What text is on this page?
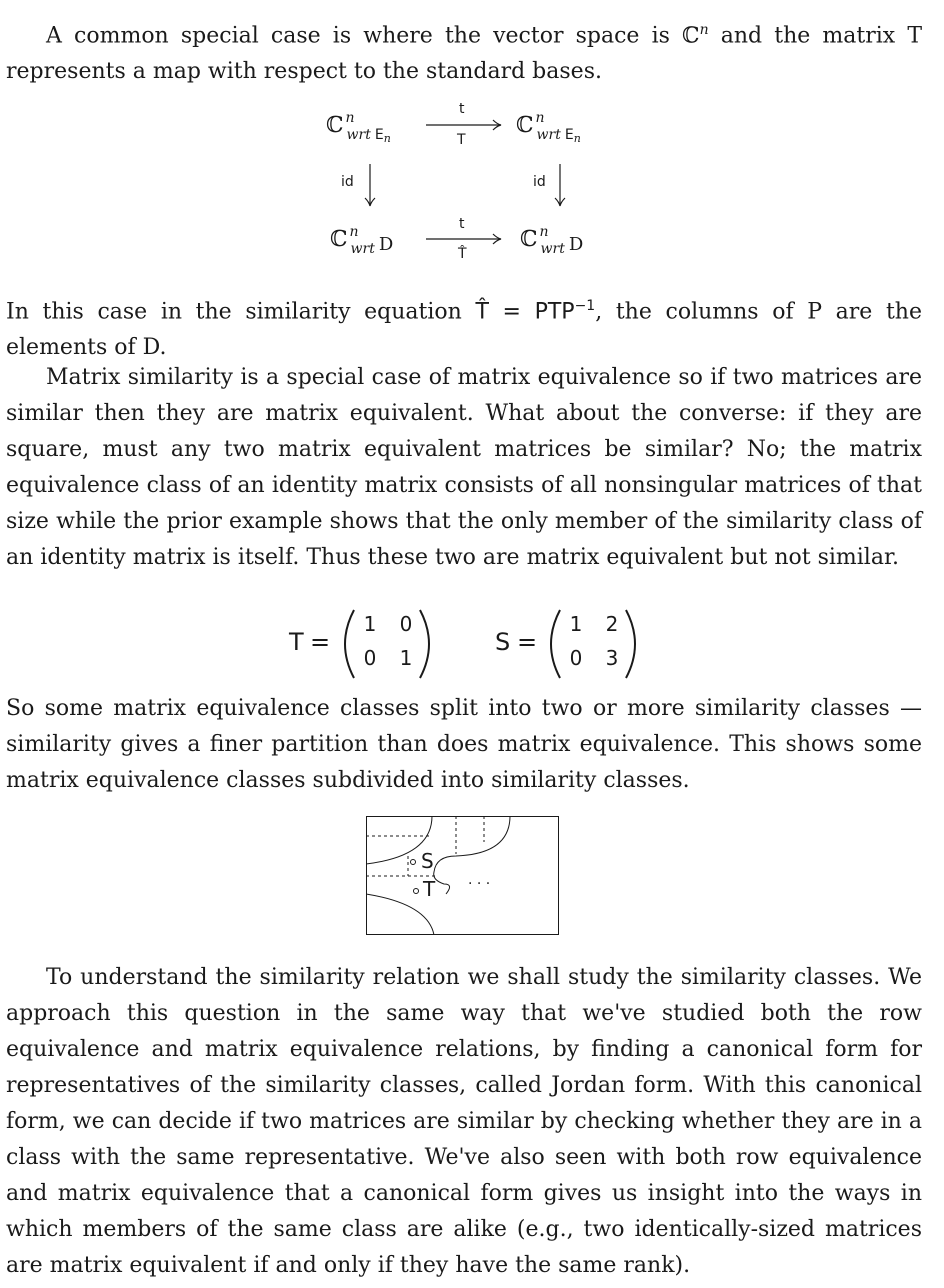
A common special case is where the vector space is ℂ$^n$ and the matrix T represents a map with respect to the standard bases.

ℂ $^n_{wrt}$ $_{En}$
ℂ $^n_{wrt}$ $_{En}$
ℂ $^n_{wrt}$ D	ℂ $^n_{wrt}$ D
t
T
t
T̂
id	id

In this case in the similarity equation T̂ = $PTP^{-1}$, the columns of P are the elements of D.

Matrix similarity is a special case of matrix equivalence so if two matrices are similar then they are matrix equivalent. What about the converse: if they are square, must any two matrix equivalent matrices be similar? No; the matrix equivalence class of an identity matrix consists of all nonsingular matrices of that size while the prior example shows that the only member of the similarity class of an identity matrix is itself. Thus these two are matrix equivalent but not similar.

T =	S =
1 0
0 1
1 2
0 3

So some matrix equivalence classes split into two or more similarity classes — similarity gives a finer partition than does matrix equivalence. This shows some matrix equivalence classes subdivided into similarity classes.

S
T · · ·

To understand the similarity relation we shall study the similarity classes. We approach this question in the same way that we've studied both the row equivalence and matrix equivalence relations, by finding a canonical form for representatives of the similarity classes, called Jordan form. With this canonical form, we can decide if two matrices are similar by checking whether they are in a class with the same representative. We've also seen with both row equivalence and matrix equivalence that a canonical form gives us insight into the ways in which members of the same class are alike (e.g., two identically-sized matrices are matrix equivalent if and only if they have the same rank).
